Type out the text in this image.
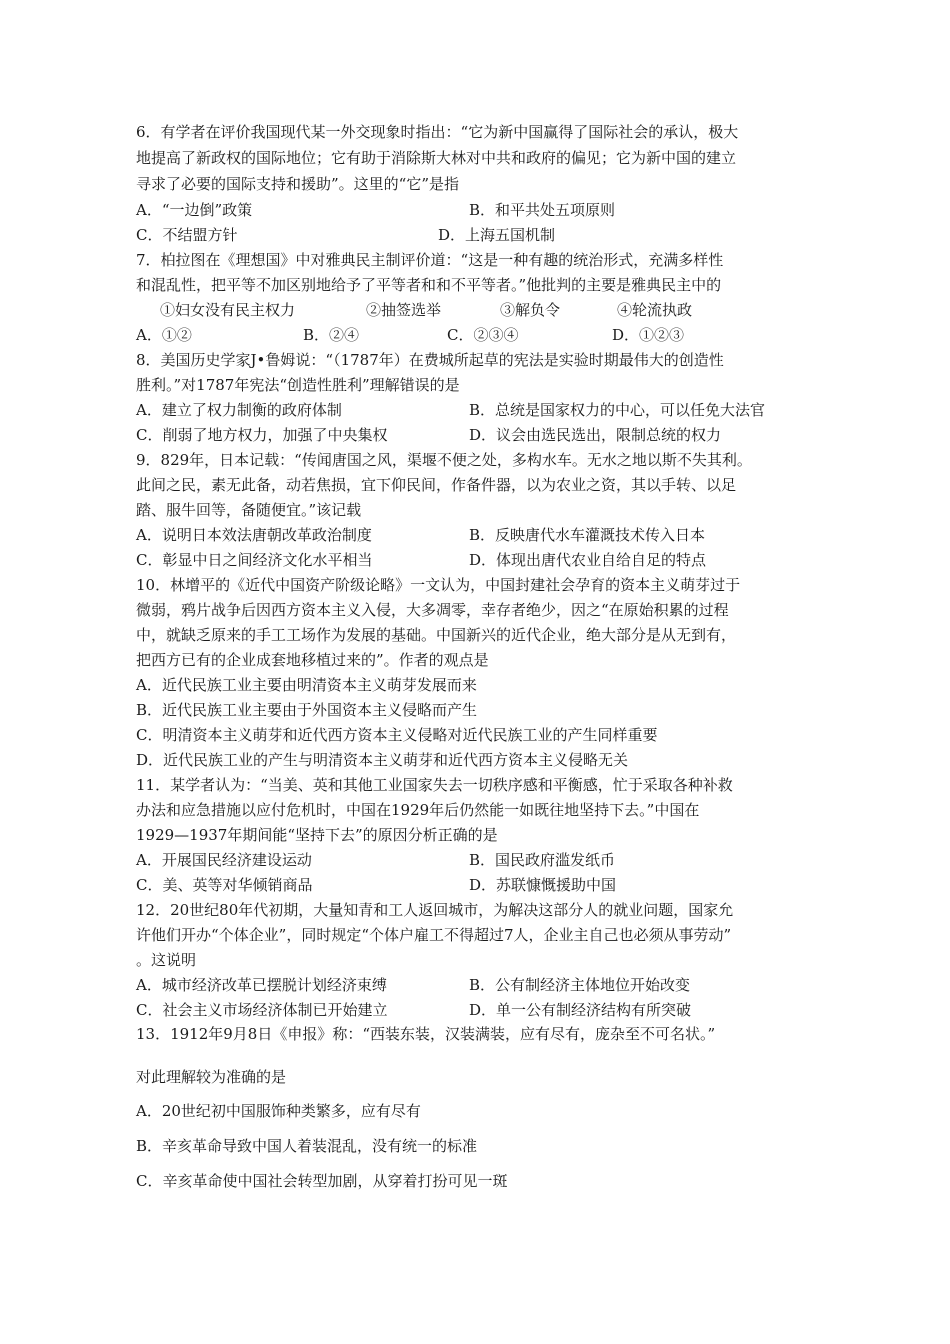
6．有学者在评价我国现代某一外交现象时指出：“它为新中国赢得了国际社会的承认，极大
地提高了新政权的国际地位；它有助于消除斯大林对中共和政府的偏见；它为新中国的建立
寻求了必要的国际支持和援助”。这里的“它”是指
A．“一边倒”政策	B．和平共处五项原则
C．不结盟方针	D．上海五国机制
7．柏拉图在《理想国》中对雅典民主制评价道：“这是一种有趣的统治形式，充满多样性
和混乱性，把平等不加区别地给予了平等者和和不平等者。”他批判的主要是雅典民主中的
①妇女没有民主权力	②抽签选举	③解负令	④轮流执政
A．①②	B．②④	C．②③④	D．①②③
8．美国历史学家J•鲁姆说：“（1787年）在费城所起草的宪法是实验时期最伟大的创造性
胜利。”对1787年宪法“创造性胜利”理解错误的是
A．建立了权力制衡的政府体制	B．总统是国家权力的中心，可以任免大法官
C．削弱了地方权力，加强了中央集权	D．议会由选民选出，限制总统的权力
9．829年，日本记载：“传闻唐国之风，渠堰不便之处，多构水车。无水之地以斯不失其利。
此间之民，素无此备，动若焦损，宜下仰民间，作备件器，以为农业之资，其以手转、以足
踏、服牛回等，备随便宜。”该记载
A．说明日本效法唐朝改革政治制度	B．反映唐代水车灌溉技术传入日本
C．彰显中日之间经济文化水平相当	D．体现出唐代农业自给自足的特点
10．林增平的《近代中国资产阶级论略》一文认为，中国封建社会孕育的资本主义萌芽过于
微弱，鸦片战争后因西方资本主义入侵，大多凋零，幸存者绝少，因之“在原始积累的过程
中，就缺乏原来的手工工场作为发展的基础。中国新兴的近代企业，绝大部分是从无到有，
把西方已有的企业成套地移植过来的”。作者的观点是
A．近代民族工业主要由明清资本主义萌芽发展而来
B．近代民族工业主要由于外国资本主义侵略而产生
C．明清资本主义萌芽和近代西方资本主义侵略对近代民族工业的产生同样重要
D．近代民族工业的产生与明清资本主义萌芽和近代西方资本主义侵略无关
11．某学者认为：“当美、英和其他工业国家失去一切秩序感和平衡感，忙于采取各种补救
办法和应急措施以应付危机时，中国在1929年后仍然能一如既往地坚持下去。”中国在
1929—1937年期间能“坚持下去”的原因分析正确的是
A．开展国民经济建设运动	B．国民政府滥发纸币
C．美、英等对华倾销商品	D．苏联慷慨援助中国
12．20世纪80年代初期，大量知青和工人返回城市，为解决这部分人的就业问题，国家允
许他们开办“个体企业”，同时规定“个体户雇工不得超过7人，企业主自己也必须从事劳动”
。这说明
A．城市经济改革已摆脱计划经济束缚	B．公有制经济主体地位开始改变
C．社会主义市场经济体制已开始建立	D．单一公有制经济结构有所突破
13．1912年9月8日《申报》称：“西装东装，汉装满装，应有尽有，庞杂至不可名状。”
对此理解较为准确的是
A．20世纪初中国服饰种类繁多，应有尽有
B．辛亥革命导致中国人着装混乱，没有统一的标准
C．辛亥革命使中国社会转型加剧，从穿着打扮可见一斑
